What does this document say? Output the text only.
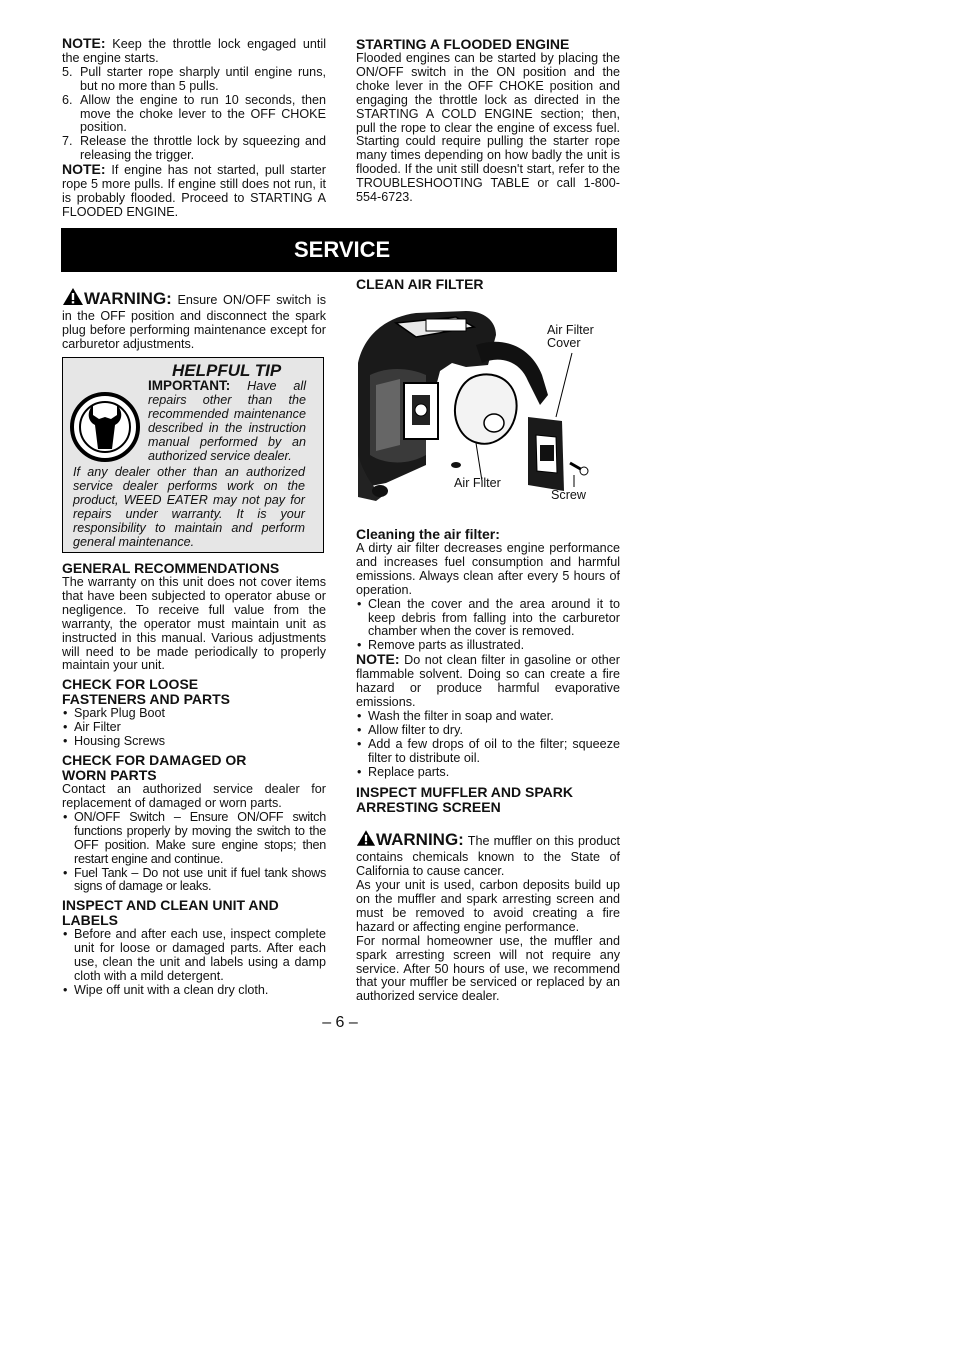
NOTE: Keep the throttle lock engaged until the engine starts.

5. Pull starter rope sharply until engine runs, but no more than 5 pulls.
6. Allow the engine to run 10 seconds, then move the choke lever to the OFF CHOKE position.
7. Release the throttle lock by squeezing and releasing the trigger.

NOTE: If engine has not started, pull starter rope 5 more pulls. If engine still does not run, it is probably flooded. Proceed to STARTING A FLOODED ENGINE.

STARTING A FLOODED ENGINE

Flooded engines can be started by placing the ON/OFF switch in the ON position and the choke lever in the OFF CHOKE position and engaging the throttle lock as directed in the STARTING A COLD ENGINE section; then, pull the rope to clear the engine of excess fuel. Starting could require pulling the starter rope many times depending on how badly the unit is flooded. If the unit still doesn't start, refer to the TROUBLESHOOTING TABLE or call 1-800-554-6723.

SERVICE

WARNING: Ensure ON/OFF switch is in the OFF position and disconnect the spark plug before performing maintenance except for carburetor adjustments.

HELPFUL TIP
IMPORTANT: Have all repairs other than the recommended maintenance described in the instruction manual performed by an authorized service dealer.
If any dealer other than an authorized service dealer performs work on the product, WEED EATER may not pay for repairs under warranty. It is your responsibility to maintain and perform general maintenance.
GENERAL RECOMMENDATIONS

The warranty on this unit does not cover items that have been subjected to operator abuse or negligence. To receive full value from the warranty, the operator must maintain unit as instructed in this manual. Various adjustments will need to be made periodically to properly maintain your unit.

CHECK FOR LOOSE
FASTENERS AND PARTS
• Spark Plug Boot
• Air Filter
• Housing Screws
CHECK FOR DAMAGED OR
WORN PARTS

Contact an authorized service dealer for replacement of damaged or worn parts.

• ON/OFF Switch – Ensure ON/OFF switch functions properly by moving the switch to the OFF position. Make sure engine stops; then restart engine and continue.
• Fuel Tank – Do not use unit if fuel tank shows signs of damage or leaks.
INSPECT AND CLEAN UNIT AND LABELS
• Before and after each use, inspect complete unit for loose or damaged parts. After each use, clean the unit and labels using a damp cloth with a mild detergent.
• Wipe off unit with a clean dry cloth.
CLEAN AIR FILTER
Air Filter
Cover
Air Filter
Screw
Cleaning the air filter:

A dirty air filter decreases engine performance and increases fuel consumption and harmful emissions. Always clean after every 5 hours of operation.

• Clean the cover and the area around it to keep debris from falling into the carburetor chamber when the cover is removed.
• Remove parts as illustrated.

NOTE: Do not clean filter in gasoline or other flammable solvent. Doing so can create a fire hazard or produce harmful evaporative emissions.

• Wash the filter in soap and water.
• Allow filter to dry.
• Add a few drops of oil to the filter; squeeze filter to distribute oil.
• Replace parts.
INSPECT MUFFLER AND SPARK ARRESTING SCREEN

WARNING: The muffler on this product contains chemicals known to the State of California to cause cancer.

As your unit is used, carbon deposits build up on the muffler and spark arresting screen and must be removed to avoid creating a fire hazard or affecting engine performance.

For normal homeowner use, the muffler and spark arresting screen will not require any service. After 50 hours of use, we recommend that your muffler be serviced or replaced by an authorized service dealer.

– 6 –
